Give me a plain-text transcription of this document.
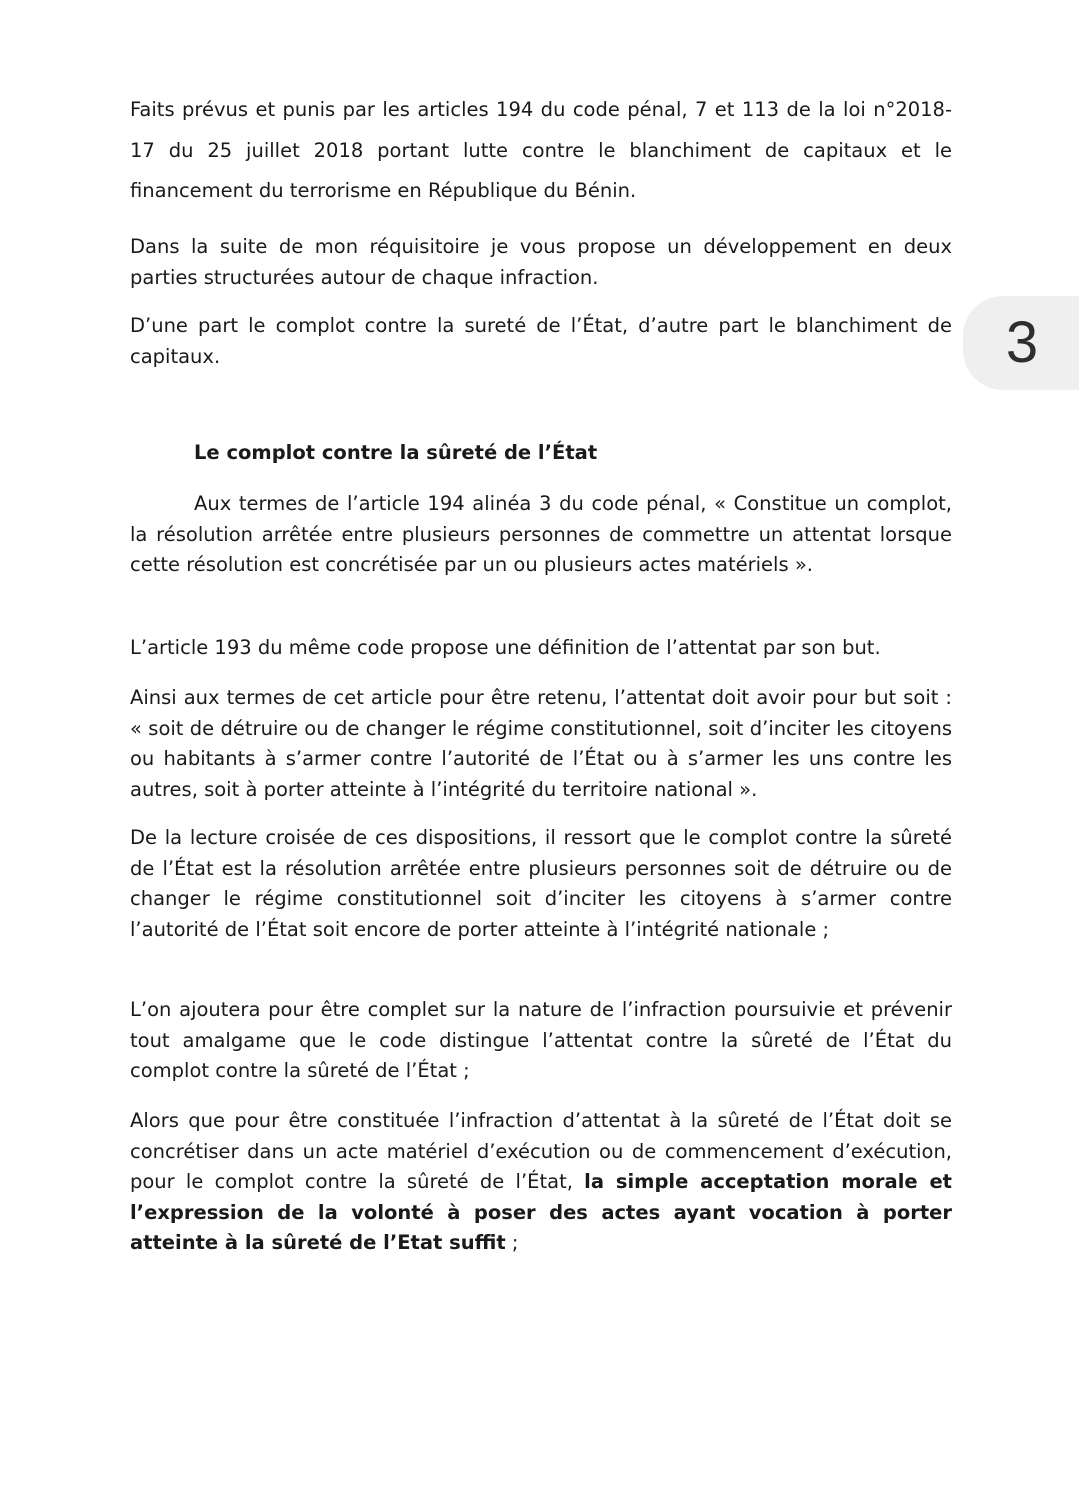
Faits prévus et punis par les articles 194 du code pénal, 7 et 113 de la loi n°2018-17 du 25 juillet 2018 portant lutte contre le blanchiment de capitaux et le financement du terrorisme en République du Bénin.

Dans la suite de mon réquisitoire je vous propose un développement en deux parties structurées autour de chaque infraction.

D’une part le complot contre la sureté de l’État, d’autre part le blanchiment de capitaux.

Le complot contre la sûreté de l’État

Aux termes de l’article 194 alinéa 3 du code pénal, « Constitue un complot, la résolution arrêtée entre plusieurs personnes de commettre un attentat lorsque cette résolution est concrétisée par un ou plusieurs actes matériels ».

L’article 193 du même code propose une définition de l’attentat par son but.

Ainsi aux termes de cet article pour être retenu, l’attentat doit avoir pour but soit : « soit de détruire ou de changer le régime constitutionnel, soit d’inciter les citoyens ou habitants à s’armer contre l’autorité de l’État ou à s’armer les uns contre les autres, soit à porter atteinte à l’intégrité du territoire national ».

De la lecture croisée de ces dispositions, il ressort que le complot contre la sûreté de l’État est la résolution arrêtée entre plusieurs personnes soit de détruire ou de changer le régime constitutionnel soit d’inciter les citoyens à s’armer contre l’autorité de l’État soit encore de porter atteinte à l’intégrité nationale ;

L’on ajoutera pour être complet sur la nature de l’infraction poursuivie et prévenir tout amalgame que le code distingue l’attentat contre la sûreté de l’État du complot contre la sûreté de l’État ;

Alors que pour être constituée l’infraction d’attentat à la sûreté de l’État doit se concrétiser dans un acte matériel d’exécution ou de commencement d’exécution, pour le complot contre la sûreté de l’État, la simple acceptation morale et l’expression de la volonté à poser des actes ayant vocation à porter atteinte à la sûreté de l’Etat suffit ;

3
